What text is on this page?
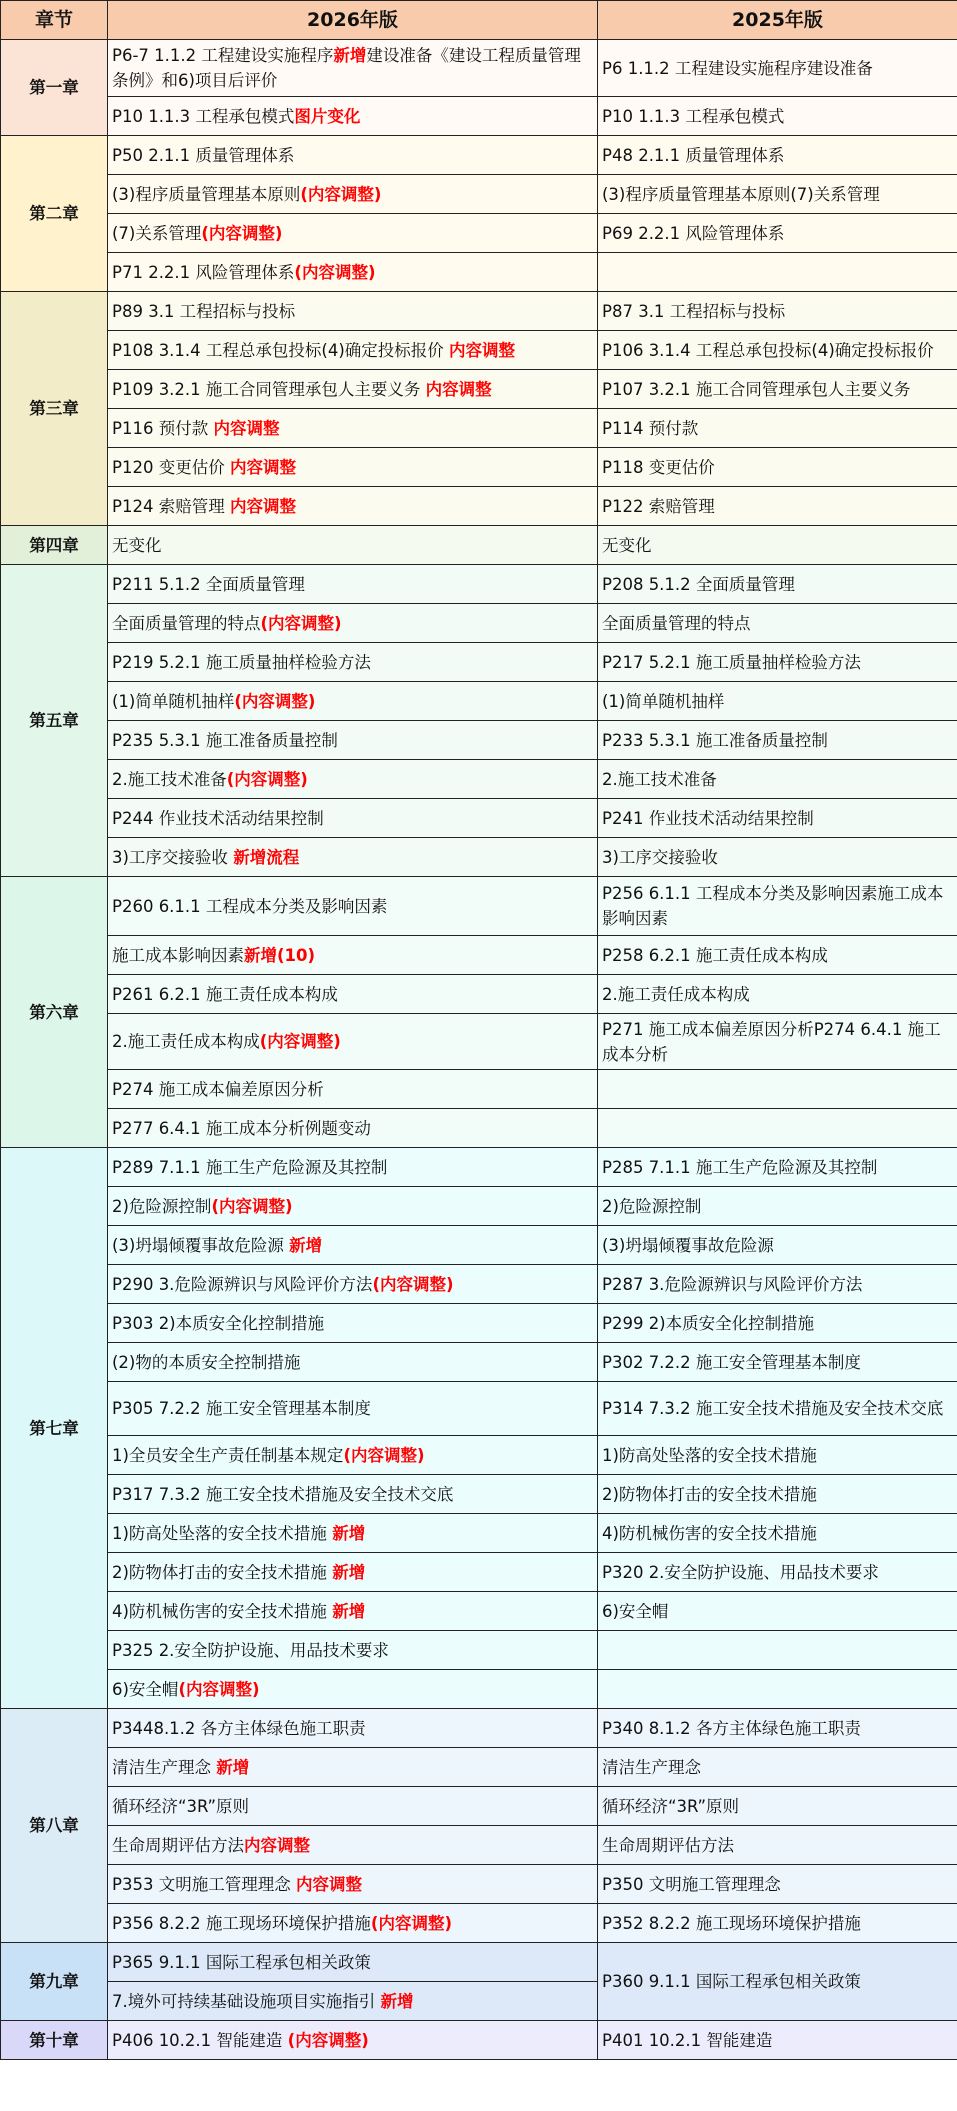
章节	2026年版	2025年版
第一章	P6-7 1.1.2 工程建设实施程序新增建设准备《建设工程质量管理条例》和6)项目后评价	P6 1.1.2 工程建设实施程序建设准备
	P10 1.1.3 工程承包模式图片变化	P10 1.1.3 工程承包模式
第二章	P50 2.1.1 质量管理体系	P48 2.1.1 质量管理体系
	(3)程序质量管理基本原则(内容调整)	(3)程序质量管理基本原则(7)关系管理
	(7)关系管理(内容调整)	P69 2.2.1 风险管理体系
	P71 2.2.1 风险管理体系(内容调整)	
第三章	P89 3.1 工程招标与投标	P87 3.1 工程招标与投标
	P108 3.1.4 工程总承包投标(4)确定投标报价 内容调整	P106 3.1.4 工程总承包投标(4)确定投标报价
	P109 3.2.1 施工合同管理承包人主要义务 内容调整	P107 3.2.1 施工合同管理承包人主要义务
	P116 预付款 内容调整	P114 预付款
	P120 变更估价 内容调整	P118 变更估价
	P124 索赔管理 内容调整	P122 索赔管理
第四章	无变化	无变化
第五章	P211 5.1.2 全面质量管理	P208 5.1.2 全面质量管理
	全面质量管理的特点(内容调整)	全面质量管理的特点
	P219 5.2.1 施工质量抽样检验方法	P217 5.2.1 施工质量抽样检验方法
	(1)简单随机抽样(内容调整)	(1)简单随机抽样
	P235 5.3.1 施工准备质量控制	P233 5.3.1 施工准备质量控制
	2.施工技术准备(内容调整)	2.施工技术准备
	P244 作业技术活动结果控制	P241 作业技术活动结果控制
	3)工序交接验收 新增流程	3)工序交接验收
第六章	P260 6.1.1 工程成本分类及影响因素	P256 6.1.1 工程成本分类及影响因素施工成本影响因素
	施工成本影响因素新增(10)	P258 6.2.1 施工责任成本构成
	P261 6.2.1 施工责任成本构成	2.施工责任成本构成
	2.施工责任成本构成(内容调整)	P271 施工成本偏差原因分析P274 6.4.1 施工成本分析
	P274 施工成本偏差原因分析	
	P277 6.4.1 施工成本分析例题变动	
第七章	P289 7.1.1 施工生产危险源及其控制	P285 7.1.1 施工生产危险源及其控制
	2)危险源控制(内容调整)	2)危险源控制
	(3)坍塌倾覆事故危险源 新增	(3)坍塌倾覆事故危险源
	P290 3.危险源辨识与风险评价方法(内容调整)	P287 3.危险源辨识与风险评价方法
	P303 2)本质安全化控制措施	P299 2)本质安全化控制措施
	(2)物的本质安全控制措施	P302 7.2.2 施工安全管理基本制度
	P305 7.2.2 施工安全管理基本制度	P314 7.3.2 施工安全技术措施及安全技术交底
	1)全员安全生产责任制基本规定(内容调整)	1)防高处坠落的安全技术措施
	P317 7.3.2 施工安全技术措施及安全技术交底	2)防物体打击的安全技术措施
	1)防高处坠落的安全技术措施 新增	4)防机械伤害的安全技术措施
	2)防物体打击的安全技术措施 新增	P320 2.安全防护设施、用品技术要求
	4)防机械伤害的安全技术措施 新增	6)安全帽
	P325 2.安全防护设施、用品技术要求	
	6)安全帽(内容调整)	
第八章	P3448.1.2 各方主体绿色施工职责	P340 8.1.2 各方主体绿色施工职责
	清洁生产理念 新增	清洁生产理念
	循环经济“3R”原则	循环经济“3R”原则
	生命周期评估方法内容调整	生命周期评估方法
	P353 文明施工管理理念 内容调整	P350 文明施工管理理念
	P356 8.2.2 施工现场环境保护措施(内容调整)	P352 8.2.2 施工现场环境保护措施
第九章	P365 9.1.1 国际工程承包相关政策	P360 9.1.1 国际工程承包相关政策
	7.境外可持续基础设施项目实施指引 新增	
第十章	P406 10.2.1 智能建造 (内容调整)	P401 10.2.1 智能建造
